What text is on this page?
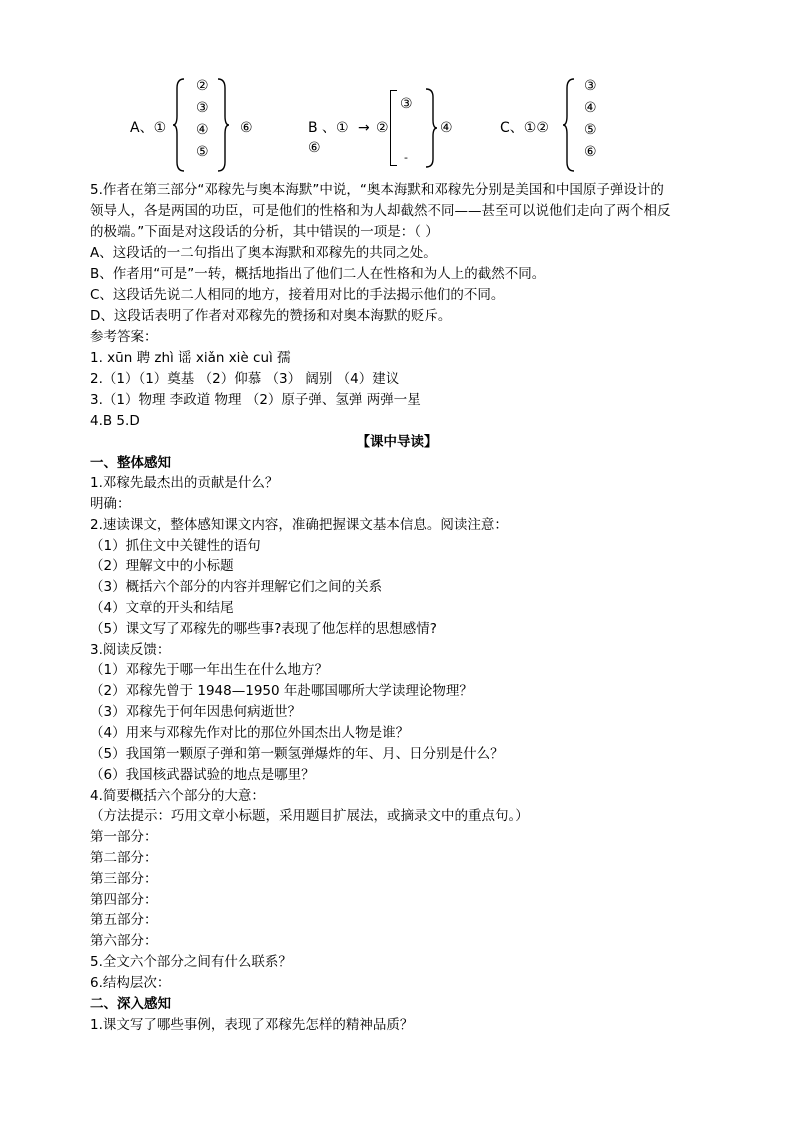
A、①
②
③
④
⑤
⑥	B 、① → ②
⑥
③
-
④	C、①②
③
④
⑤
⑥
5.作者在第三部分“邓稼先与奥本海默”中说，“奥本海默和邓稼先分别是美国和中国原子弹设计的
领导人，各是两国的功臣，可是他们的性格和为人却截然不同——甚至可以说他们走向了两个相反
的极端。”下面是对这段话的分析，其中错误的一项是：（ ）
A、这段话的一二句指出了奥本海默和邓稼先的共同之处。
B、作者用“可是”一转，概括地指出了他们二人在性格和为人上的截然不同。
C、这段话先说二人相同的地方，接着用对比的手法揭示他们的不同。
D、这段话表明了作者对邓稼先的赞扬和对奥本海默的贬斥。
参考答案：
1. xūn 聘 zhì 谣 xiǎn xiè cuì 孺
2.（1）（1）奠基 （2）仰慕 （3） 阔别 （4）建议
3.（1）物理 李政道 物理 （2）原子弹、氢弹 两弹一星
4.B 5.D
【课中导读】
一、整体感知
1.邓稼先最杰出的贡献是什么？
明确：
2.速读课文，整体感知课文内容，准确把握课文基本信息。阅读注意：
（1）抓住文中关键性的语句
（2）理解文中的小标题
（3）概括六个部分的内容并理解它们之间的关系
（4）文章的开头和结尾
（5）课文写了邓稼先的哪些事?表现了他怎样的思想感情?
3.阅读反馈：
（1）邓稼先于哪一年出生在什么地方？
（2）邓稼先曾于 1948—1950 年赴哪国哪所大学读理论物理？
（3）邓稼先于何年因患何病逝世？
（4）用来与邓稼先作对比的那位外国杰出人物是谁？
（5）我国第一颗原子弹和第一颗氢弹爆炸的年、月、日分别是什么？
（6）我国核武器试验的地点是哪里？
4.简要概括六个部分的大意：
（方法提示：巧用文章小标题，采用题目扩展法，或摘录文中的重点句。）
第一部分：
第二部分：
第三部分：
第四部分：
第五部分：
第六部分：
5.全文六个部分之间有什么联系？
6.结构层次：
二、深入感知
1.课文写了哪些事例，表现了邓稼先怎样的精神品质？
